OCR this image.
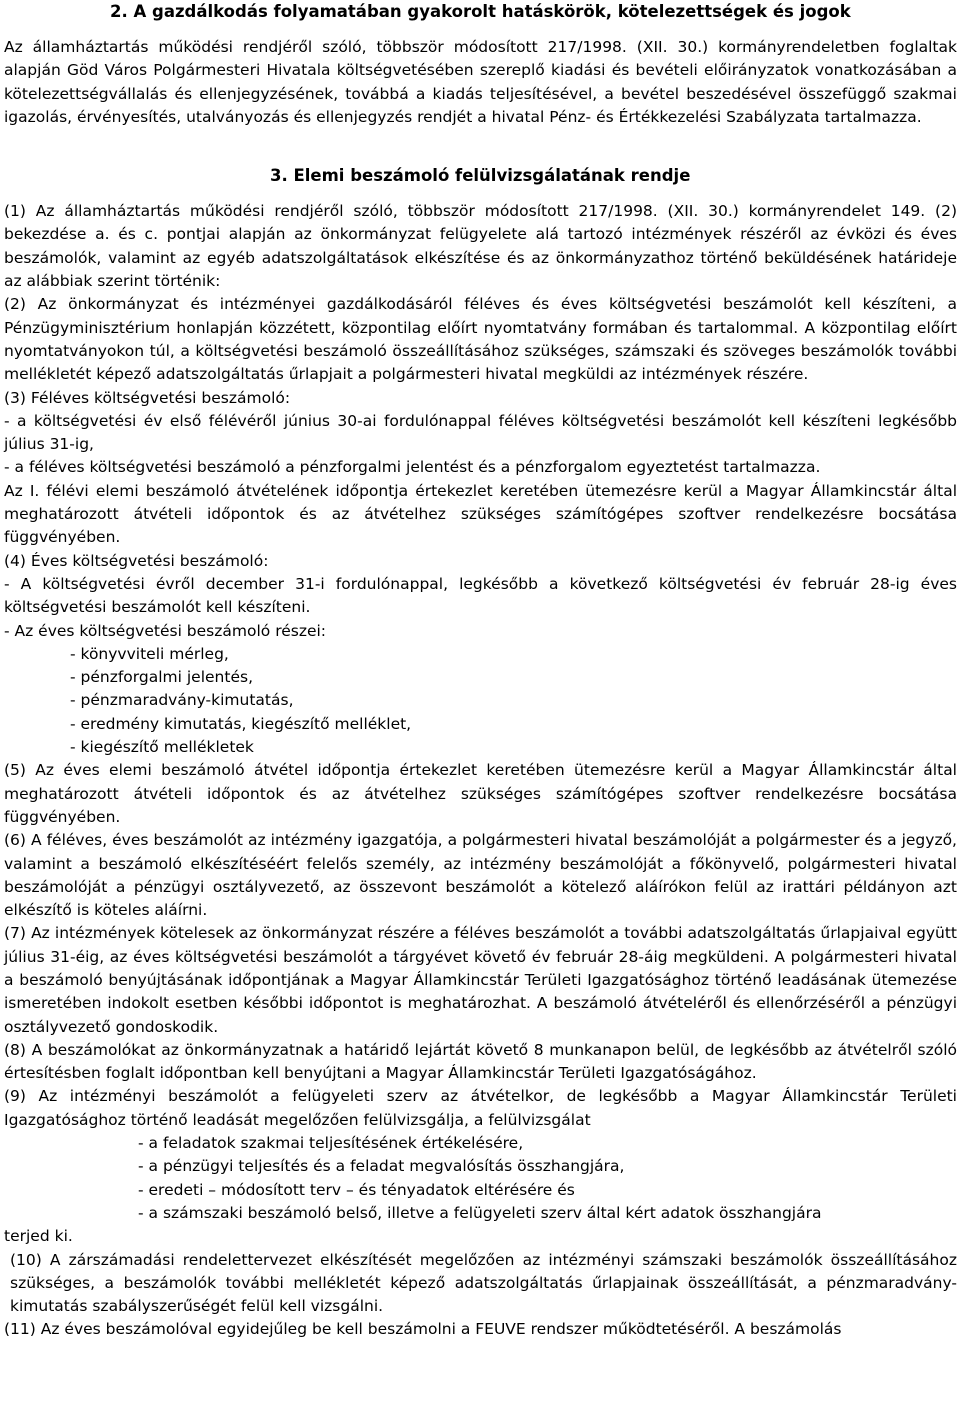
2. A gazdálkodás folyamatában gyakorolt hatáskörök, kötelezettségek és jogok

Az államháztartás működési rendjéről szóló, többször módosított 217/1998. (XII. 30.) kormányrendeletben foglaltak alapján Göd Város Polgármesteri Hivatala költségvetésében szereplő kiadási és bevételi előirányzatok vonatkozásában a kötelezettségvállalás és ellenjegyzésének, továbbá a kiadás teljesítésével, a bevétel beszedésével összefüggő szakmai igazolás, érvényesítés, utalványozás és ellenjegyzés rendjét a hivatal Pénz- és Értékkezelési Szabályzata tartalmazza.

3. Elemi beszámoló felülvizsgálatának rendje

(1) Az államháztartás működési rendjéről szóló, többször módosított 217/1998. (XII. 30.) kormányrendelet 149. (2) bekezdése a. és c. pontjai alapján az önkormányzat felügyelete alá tartozó intézmények részéről az évközi és éves beszámolók, valamint az egyéb adatszolgáltatások elkészítése és az önkormányzathoz történő beküldésének határideje az alábbiak szerint történik:

(2) Az önkormányzat és intézményei gazdálkodásáról féléves és éves költségvetési beszámolót kell készíteni, a Pénzügyminisztérium honlapján közzétett, központilag előírt nyomtatvány formában és tartalommal. A központilag előírt nyomtatványokon túl, a költségvetési beszámoló összeállításához szükséges, számszaki és szöveges beszámolók további mellékletét képező adatszolgáltatás űrlapjait a polgármesteri hivatal megküldi az intézmények részére.

(3) Féléves költségvetési beszámoló:

- a költségvetési év első félévéről június 30-ai fordulónappal féléves költségvetési beszámolót kell készíteni legkésőbb július 31-ig,

- a féléves költségvetési beszámoló a pénzforgalmi jelentést és a pénzforgalom egyeztetést tartalmazza.

Az I. félévi elemi beszámoló átvételének időpontja értekezlet keretében ütemezésre kerül a Magyar Államkincstár által meghatározott átvételi időpontok és az átvételhez szükséges számítógépes szoftver rendelkezésre bocsátása függvényében.

(4) Éves költségvetési beszámoló:

- A költségvetési évről december 31-i fordulónappal, legkésőbb a következő költségvetési év február 28-ig éves költségvetési beszámolót kell készíteni.

- Az éves költségvetési beszámoló részei:

- könyvviteli mérleg,
- pénzforgalmi jelentés,
- pénzmaradvány-kimutatás,
- eredmény kimutatás, kiegészítő melléklet,
- kiegészítő mellékletek

(5) Az éves elemi beszámoló átvétel időpontja értekezlet keretében ütemezésre kerül a Magyar Államkincstár által meghatározott átvételi időpontok és az átvételhez szükséges számítógépes szoftver rendelkezésre bocsátása függvényében.

(6) A féléves, éves beszámolót az intézmény igazgatója, a polgármesteri hivatal beszámolóját a polgármester és a jegyző, valamint a beszámoló elkészítéséért felelős személy, az intézmény beszámolóját a főkönyvelő, polgármesteri hivatal beszámolóját a pénzügyi osztályvezető, az összevont beszámolót a kötelező aláírókon felül az irattári példányon azt elkészítő is köteles aláírni.

(7) Az intézmények kötelesek az önkormányzat részére a féléves beszámolót a további adatszolgáltatás űrlapjaival együtt július 31-éig, az éves költségvetési beszámolót a tárgyévet követő év február 28-áig megküldeni. A polgármesteri hivatal a beszámoló benyújtásának időpontjának a Magyar Államkincstár Területi Igazgatósághoz történő leadásának ütemezése ismeretében indokolt esetben későbbi időpontot is meghatározhat. A beszámoló átvételéről és ellenőrzéséről a pénzügyi osztályvezető gondoskodik.

(8) A beszámolókat az önkormányzatnak a határidő lejártát követő 8 munkanapon belül, de legkésőbb az átvételről szóló értesítésben foglalt időpontban kell benyújtani a Magyar Államkincstár Területi Igazgatóságához.

(9) Az intézményi beszámolót a felügyeleti szerv az átvételkor, de legkésőbb a Magyar Államkincstár Területi Igazgatósághoz történő leadását megelőzően felülvizsgálja, a felülvizsgálat

- a feladatok szakmai teljesítésének értékelésére,
- a pénzügyi teljesítés és a feladat megvalósítás összhangjára,
- eredeti – módosított terv – és tényadatok eltérésére és
- a számszaki beszámoló belső, illetve a felügyeleti szerv által kért adatok összhangjára

terjed ki.

(10) A zárszámadási rendelettervezet elkészítését megelőzően az intézményi számszaki beszámolók összeállításához szükséges, a beszámolók további mellékletét képező adatszolgáltatás űrlapjainak összeállítását, a pénzmaradvány-kimutatás szabályszerűségét felül kell vizsgálni.

(11) Az éves beszámolóval egyidejűleg be kell beszámolni a FEUVE rendszer működtetéséről. A beszámolás
